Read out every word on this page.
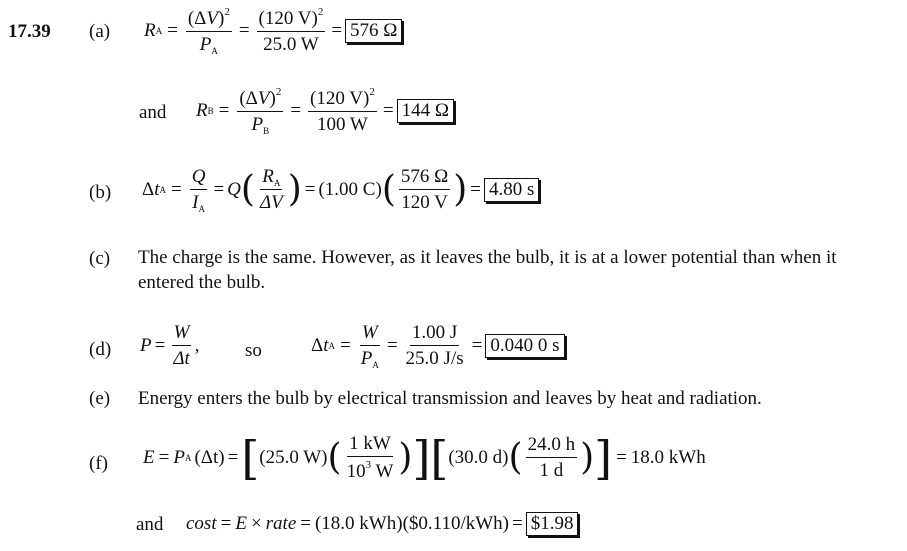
17.39 (a) R $A = \frac{(\Delta V)^2}{P_A} = \frac{(120 V)^2}{25.0 W} = 576$ Ω
and R $B = \frac{(\Delta V)^2}{P_B} = \frac{(120 V)^2}{100 W} = 144$ Ω
(b) Δ t $A = \frac{Q}{I_A} = Q$ ( $\frac{R_A}{\Delta V}$ ) = (1.00 C) ( $\frac{576 \Omega}{120 V}$ ) = 4.80 s
(c) The charge is the same. However, as it leaves the bulb, it is at a lower potential than when it
entered the bulb.
(d) $P = \frac{W}{\Delta t}$ , so	Δ t $A = \frac{W}{P_A} = \frac{1.00 J}{25.0 J/s} = 0.040$ 0 s
(e) Energy enters the bulb by electrical transmission and leaves by heat and radiation.
(f) E = P A (Δt) = [ (25.0 W) ( $\frac{1 kW}{10^3 W}$ ) ] [ (30.0 d) ( $\frac{24.0 h}{1 d}$ ) ] = 18.0 kWh
and cost = E × rate = (18.0 kWh)($0.110/kWh) = $1.98
